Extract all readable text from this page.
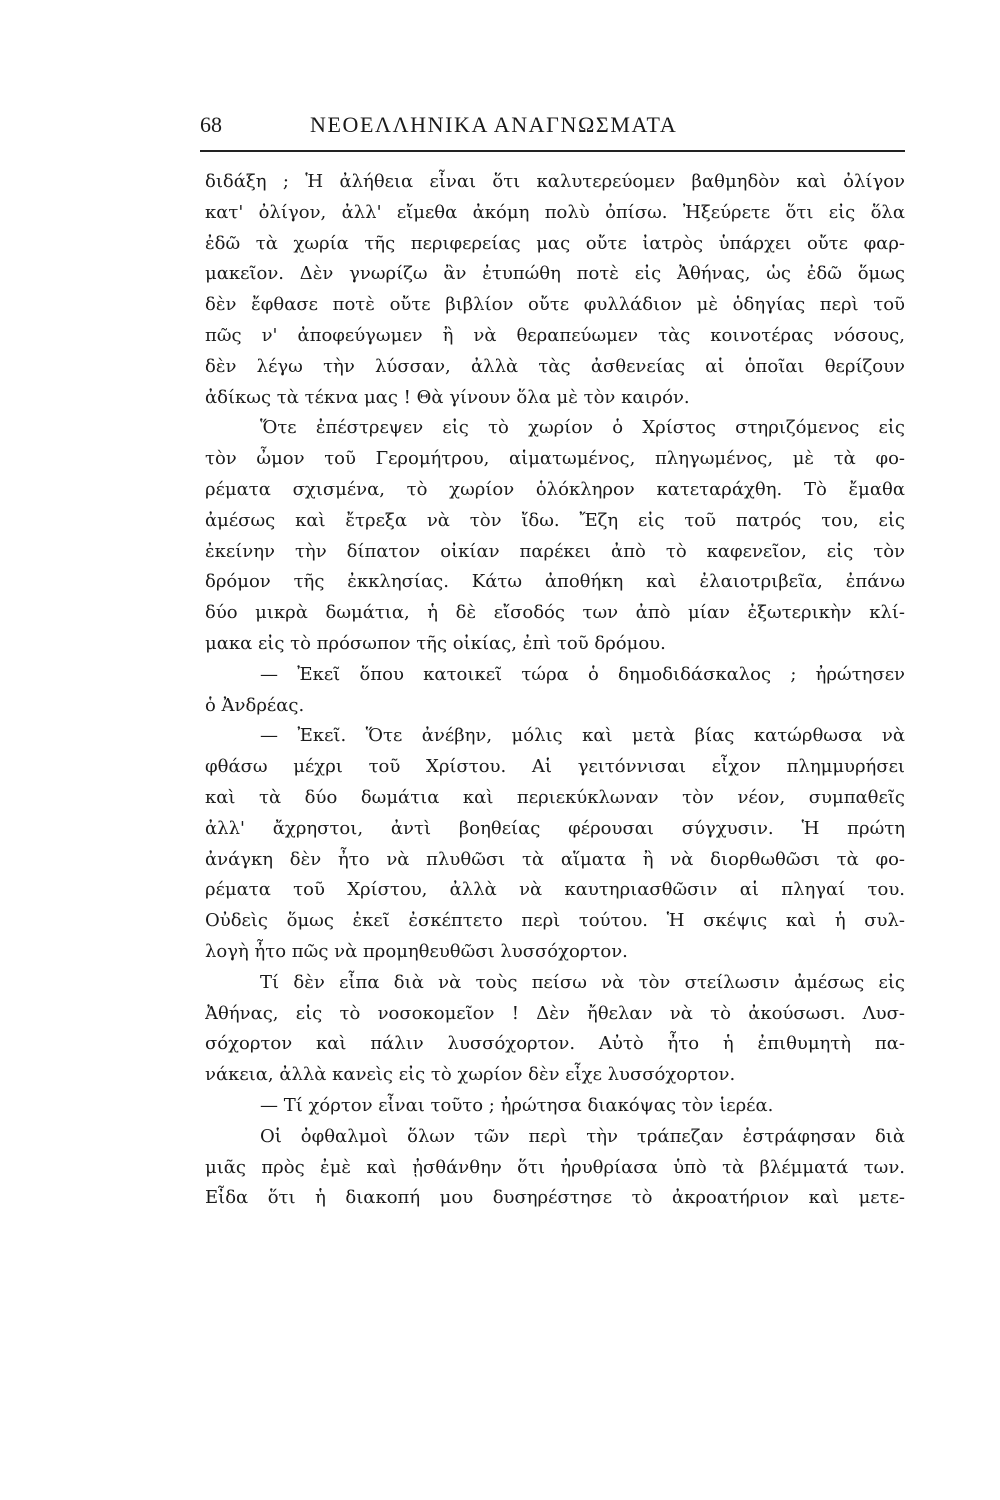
68	ΝΕΟΕΛΛΗΝΙΚΑ ΑΝΑΓΝΩΣΜΑΤΑ
διδάξη ; Ἡ ἀλήθεια εἶναι ὅτι καλυτερεύομεν βαθμηδὸν καὶ ὀλίγον
κατ' ὀλίγον, ἀλλ' εἴμεθα ἀκόμη πολὺ ὀπίσω. Ἠξεύρετε ὅτι εἰς ὅλα
ἐδῶ τὰ χωρία τῆς περιφερείας μας οὔτε ἰατρὸς ὑπάρχει οὔτε φαρ-
μακεῖον. Δὲν γνωρίζω ἂν ἐτυπώθη ποτὲ εἰς Ἀθήνας, ὡς ἐδῶ ὅμως
δὲν ἔφθασε ποτὲ οὔτε βιβλίον οὔτε φυλλάδιον μὲ ὁδηγίας περὶ τοῦ
πῶς ν' ἀποφεύγωμεν ἢ νὰ θεραπεύωμεν τὰς κοινοτέρας νόσους,
δὲν λέγω τὴν λύσσαν, ἀλλὰ τὰς ἀσθενείας αἱ ὁποῖαι θερίζουν
ἀδίκως τὰ τέκνα μας ! Θὰ γίνουν ὅλα μὲ τὸν καιρόν.
Ὅτε ἐπέστρεψεν εἰς τὸ χωρίον ὁ Χρίστος στηριζόμενος εἰς
τὸν ὦμον τοῦ Γερομήτρου, αἱματωμένος, πληγωμένος, μὲ τὰ φο-
ρέματα σχισμένα, τὸ χωρίον ὁλόκληρον κατεταράχθη. Τὸ ἔμαθα
ἀμέσως καὶ ἔτρεξα νὰ τὸν ἴδω. Ἔζη εἰς τοῦ πατρός του, εἰς
ἐκείνην τὴν δίπατον οἰκίαν παρέκει ἀπὸ τὸ καφενεῖον, εἰς τὸν
δρόμον τῆς ἐκκλησίας. Κάτω ἀποθήκη καὶ ἐλαιοτριβεῖα, ἐπάνω
δύο μικρὰ δωμάτια, ἡ δὲ εἴσοδός των ἀπὸ μίαν ἐξωτερικὴν κλί-
μακα εἰς τὸ πρόσωπον τῆς οἰκίας, ἐπὶ τοῦ δρόμου.
— Ἐκεῖ ὅπου κατοικεῖ τώρα ὁ δημοδιδάσκαλος ; ἠρώτησεν
ὁ Ἀνδρέας.
— Ἐκεῖ. Ὅτε ἀνέβην, μόλις καὶ μετὰ βίας κατώρθωσα νὰ
φθάσω μέχρι τοῦ Χρίστου. Αἱ γειτόννισαι εἶχον πλημμυρήσει
καὶ τὰ δύο δωμάτια καὶ περιεκύκλωναν τὸν νέον, συμπαθεῖς
ἀλλ' ἄχρηστοι, ἀντὶ βοηθείας φέρουσαι σύγχυσιν. Ἡ πρώτη
ἀνάγκη δὲν ἦτο νὰ πλυθῶσι τὰ αἵματα ἢ νὰ διορθωθῶσι τὰ φο-
ρέματα τοῦ Χρίστου, ἀλλὰ νὰ καυτηριασθῶσιν αἱ πληγαί του.
Οὐδεὶς ὅμως ἐκεῖ ἐσκέπτετο περὶ τούτου. Ἡ σκέψις καὶ ἡ συλ-
λογὴ ἦτο πῶς νὰ προμηθευθῶσι λυσσόχορτον.
Τί δὲν εἶπα διὰ νὰ τοὺς πείσω νὰ τὸν στείλωσιν ἀμέσως εἰς
Ἀθήνας, εἰς τὸ νοσοκομεῖον ! Δὲν ἤθελαν νὰ τὸ ἀκούσωσι. Λυσ-
σόχορτον καὶ πάλιν λυσσόχορτον. Αὐτὸ ἦτο ἡ ἐπιθυμητὴ πα-
νάκεια, ἀλλὰ κανεὶς εἰς τὸ χωρίον δὲν εἶχε λυσσόχορτον.
— Τί χόρτον εἶναι τοῦτο ; ἠρώτησα διακόψας τὸν ἱερέα.
Οἱ ὀφθαλμοὶ ὅλων τῶν περὶ τὴν τράπεζαν ἐστράφησαν διὰ
μιᾶς πρὸς ἐμὲ καὶ ᾐσθάνθην ὅτι ἠρυθρίασα ὑπὸ τὰ βλέμματά των.
Εἶδα ὅτι ἡ διακοπή μου δυσηρέστησε τὸ ἀκροατήριον καὶ μετε-
